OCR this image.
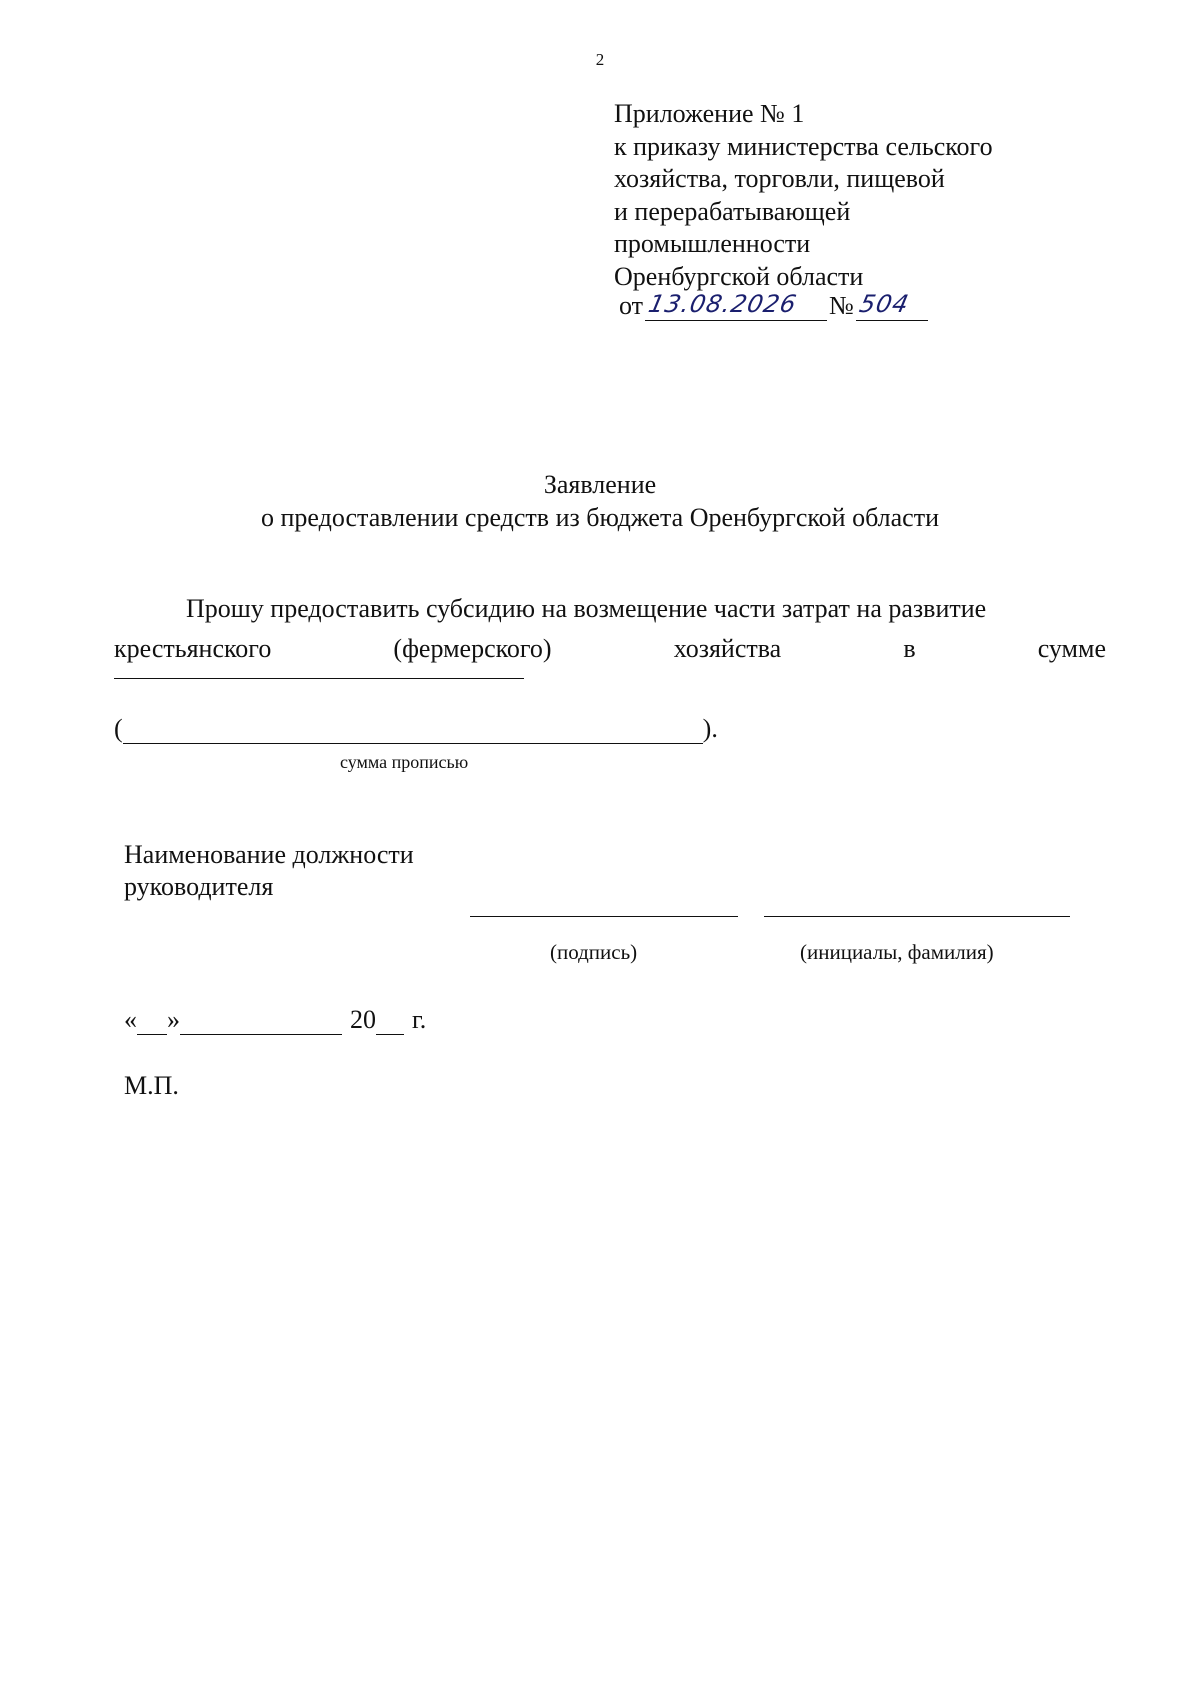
2
Приложение № 1
к приказу министерства сельского
хозяйства, торговли, пищевой
и перерабатывающей
промышленности
Оренбургской области
от 13.08.2026 № 504
Заявление
о предоставлении средств из бюджета Оренбургской области
Прошу предоставить субсидию на возмещение части затрат на развитие
крестьянского	(фермерского)	хозяйства	в	сумме
(	).
сумма прописью
Наименование должности
руководителя
(подпись)	(инициалы, фамилия)
« »	20 г.
М.П.
